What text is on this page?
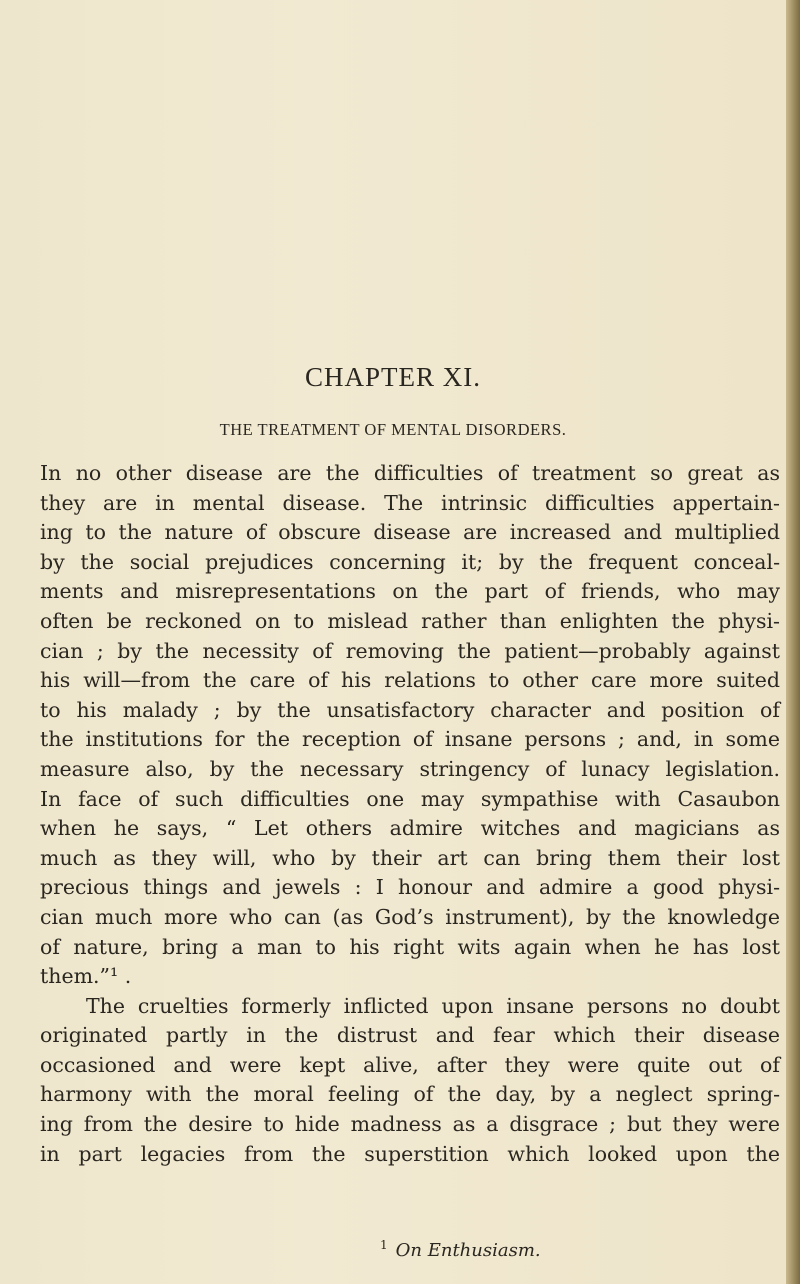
CHAPTER XI.
THE TREATMENT OF MENTAL DISORDERS.
In no other disease are the difficulties of treatment so great as
they are in mental disease. The intrinsic difficulties appertain-
ing to the nature of obscure disease are increased and multiplied
by the social prejudices concerning it; by the frequent conceal-
ments and misrepresentations on the part of friends, who may
often be reckoned on to mislead rather than enlighten the physi-
cian ; by the necessity of removing the patient—probably against
his will—from the care of his relations to other care more suited
to his malady ; by the unsatisfactory character and position of
the institutions for the reception of insane persons ; and, in some
measure also, by the necessary stringency of lunacy legislation.
In face of such difficulties one may sympathise with Casaubon
when he says, “ Let others admire witches and magicians as
much as they will, who by their art can bring them their lost
precious things and jewels : I honour and admire a good physi-
cian much more who can (as God’s instrument), by the knowledge
of nature, bring a man to his right wits again when he has lost
them.”¹ .
The cruelties formerly inflicted upon insane persons no doubt
originated partly in the distrust and fear which their disease
occasioned and were kept alive, after they were quite out of
harmony with the moral feeling of the day, by a neglect spring-
ing from the desire to hide madness as a disgrace ; but they were
in part legacies from the superstition which looked upon the
$^1$ On Enthusiasm.
